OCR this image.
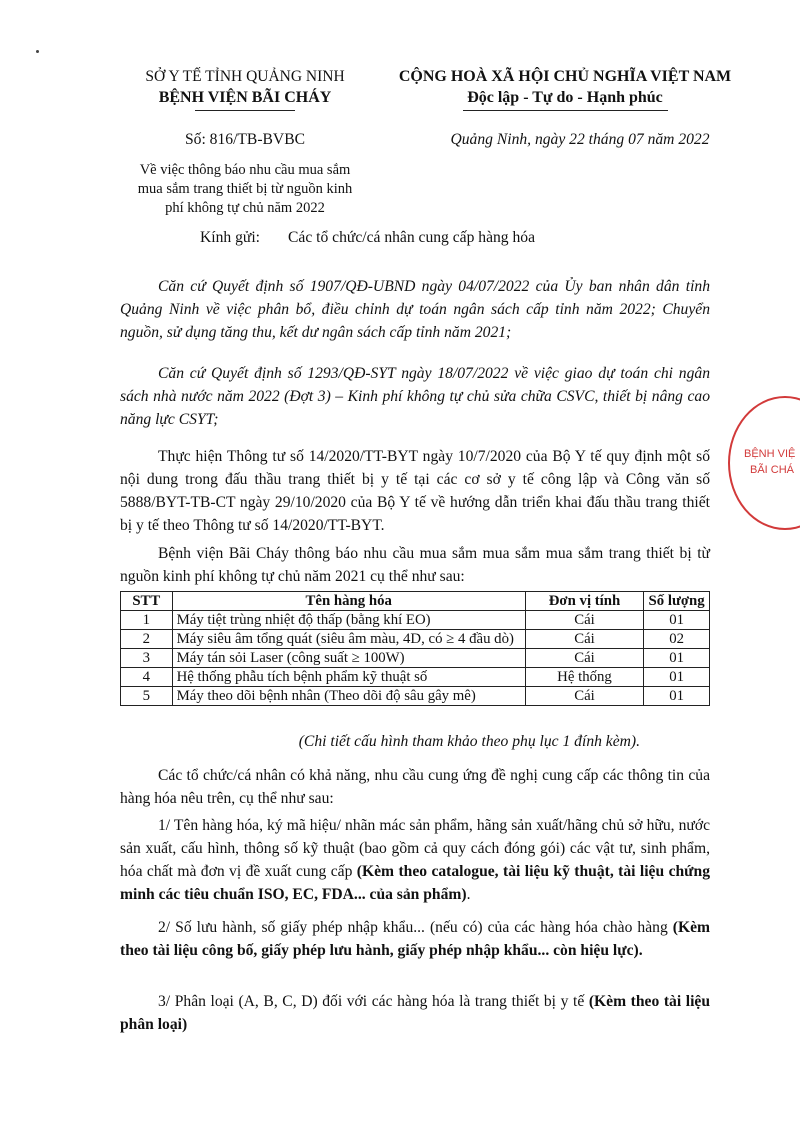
SỞ Y TẾ TỈNH QUẢNG NINH
BỆNH VIỆN BÃI CHÁY
CỘNG HOÀ XÃ HỘI CHỦ NGHĨA VIỆT NAM
Độc lập - Tự do - Hạnh phúc
Số: 816/TB-BVBC	Quảng Ninh, ngày 22 tháng 07 năm 2022
Về việc thông báo nhu cầu mua sắm
mua sắm trang thiết bị từ nguồn kinh
phí không tự chủ năm 2022
Kính gửi: Các tổ chức/cá nhân cung cấp hàng hóa
Căn cứ Quyết định số 1907/QĐ-UBND ngày 04/07/2022 của Ủy ban nhân dân tỉnh Quảng Ninh về việc phân bổ, điều chỉnh dự toán ngân sách cấp tỉnh năm 2022; Chuyển nguồn, sử dụng tăng thu, kết dư ngân sách cấp tỉnh năm 2021;
Căn cứ Quyết định số 1293/QĐ-SYT ngày 18/07/2022 về việc giao dự toán chi ngân sách nhà nước năm 2022 (Đợt 3) – Kinh phí không tự chủ sửa chữa CSVC, thiết bị nâng cao năng lực CSYT;
Thực hiện Thông tư số 14/2020/TT-BYT ngày 10/7/2020 của Bộ Y tế quy định một số nội dung trong đấu thầu trang thiết bị y tế tại các cơ sở y tế công lập và Công văn số 5888/BYT-TB-CT ngày 29/10/2020 của Bộ Y tế về hướng dẫn triển khai đấu thầu trang thiết bị y tế theo Thông tư số 14/2020/TT-BYT.
Bệnh viện Bãi Cháy thông báo nhu cầu mua sắm mua sắm mua sắm trang thiết bị từ nguồn kinh phí không tự chủ năm 2021 cụ thể như sau:
STT	Tên hàng hóa	Đơn vị tính	Số lượng
1	Máy tiệt trùng nhiệt độ thấp (bằng khí EO)	Cái	01
2	Máy siêu âm tổng quát (siêu âm màu, 4D, có ≥ 4 đầu dò)	Cái	02
3	Máy tán sỏi Laser (công suất ≥ 100W)	Cái	01
4	Hệ thống phẫu tích bệnh phẩm kỹ thuật số	Hệ thống	01
5	Máy theo dõi bệnh nhân (Theo dõi độ sâu gây mê)	Cái	01
(Chi tiết cấu hình tham khảo theo phụ lục 1 đính kèm).
Các tổ chức/cá nhân có khả năng, nhu cầu cung ứng đề nghị cung cấp các thông tin của hàng hóa nêu trên, cụ thể như sau:
1/ Tên hàng hóa, ký mã hiệu/ nhãn mác sản phẩm, hãng sản xuất/hãng chủ sở hữu, nước sản xuất, cấu hình, thông số kỹ thuật (bao gồm cả quy cách đóng gói) các vật tư, sinh phẩm, hóa chất mà đơn vị đề xuất cung cấp (Kèm theo catalogue, tài liệu kỹ thuật, tài liệu chứng minh các tiêu chuẩn ISO, EC, FDA... của sản phẩm).
2/ Số lưu hành, số giấy phép nhập khẩu... (nếu có) của các hàng hóa chào hàng (Kèm theo tài liệu công bố, giấy phép lưu hành, giấy phép nhập khẩu... còn hiệu lực).
3/ Phân loại (A, B, C, D) đối với các hàng hóa là trang thiết bị y tế (Kèm theo tài liệu phân loại)
BỆNH VIỆ
BÃI CHÁ
